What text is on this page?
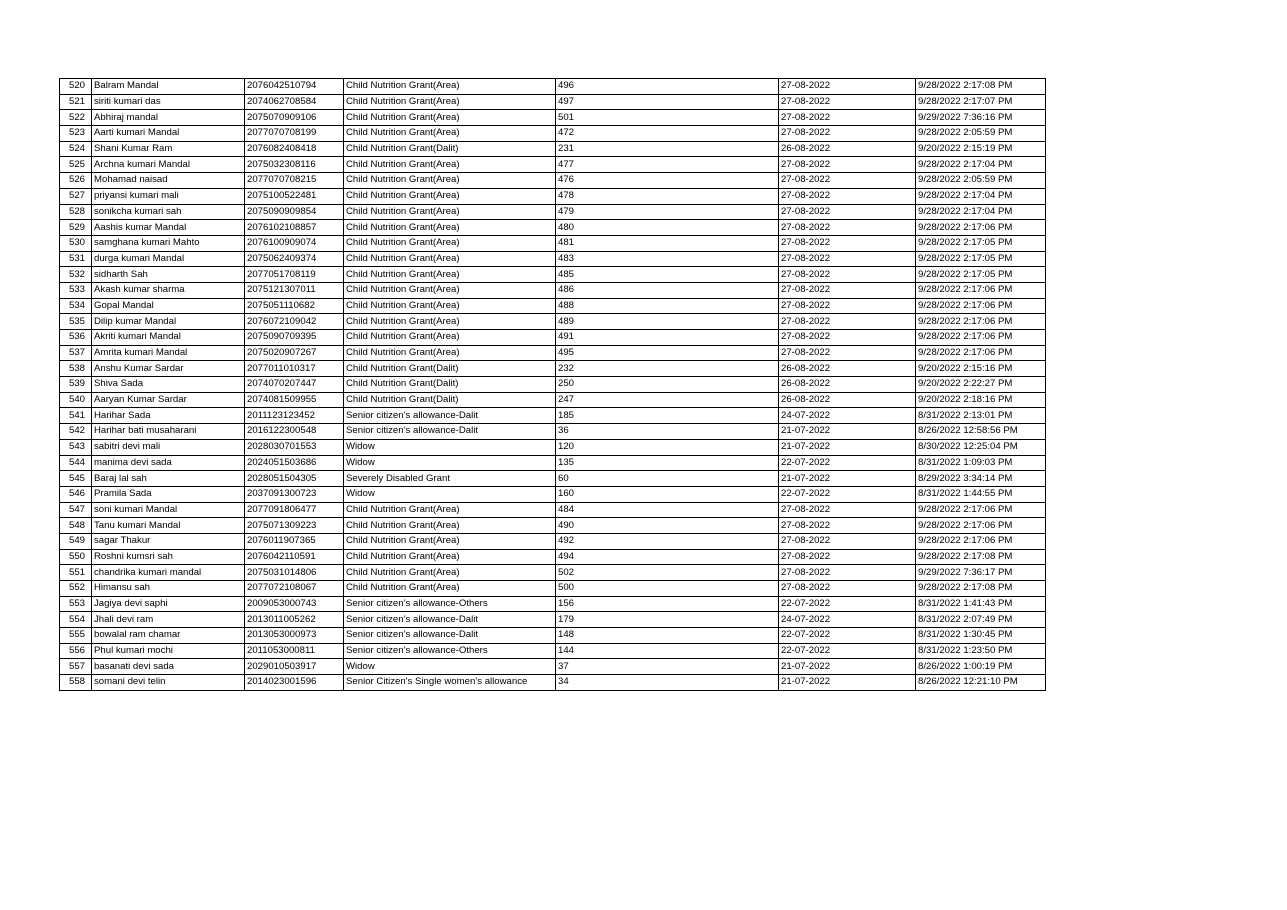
520	Balram Mandal	2076042510794	Child Nutrition Grant(Area)	496	27-08-2022	9/28/2022 2:17:08 PM
521	siriti kumari das	2074062708584	Child Nutrition Grant(Area)	497	27-08-2022	9/28/2022 2:17:07 PM
522	Abhiraj mandal	2075070909106	Child Nutrition Grant(Area)	501	27-08-2022	9/29/2022 7:36:16 PM
523	Aarti kumari Mandal	2077070708199	Child Nutrition Grant(Area)	472	27-08-2022	9/28/2022 2:05:59 PM
524	Shani Kumar Ram	2076082408418	Child Nutrition Grant(Dalit)	231	26-08-2022	9/20/2022 2:15:19 PM
525	Archna kumari Mandal	2075032308116	Child Nutrition Grant(Area)	477	27-08-2022	9/28/2022 2:17:04 PM
526	Mohamad naisad	2077070708215	Child Nutrition Grant(Area)	476	27-08-2022	9/28/2022 2:05:59 PM
527	priyansi kumari mali	2075100522481	Child Nutrition Grant(Area)	478	27-08-2022	9/28/2022 2:17:04 PM
528	sonikcha kumari sah	2075090909854	Child Nutrition Grant(Area)	479	27-08-2022	9/28/2022 2:17:04 PM
529	Aashis kumar Mandal	2076102108857	Child Nutrition Grant(Area)	480	27-08-2022	9/28/2022 2:17:06 PM
530	samghana kumari Mahto	2076100909074	Child Nutrition Grant(Area)	481	27-08-2022	9/28/2022 2:17:05 PM
531	durga kumari Mandal	2075062409374	Child Nutrition Grant(Area)	483	27-08-2022	9/28/2022 2:17:05 PM
532	sidharth Sah	2077051708119	Child Nutrition Grant(Area)	485	27-08-2022	9/28/2022 2:17:05 PM
533	Akash kumar sharma	2075121307011	Child Nutrition Grant(Area)	486	27-08-2022	9/28/2022 2:17:06 PM
534	Gopal Mandal	2075051110682	Child Nutrition Grant(Area)	488	27-08-2022	9/28/2022 2:17:06 PM
535	Dilip kumar Mandal	2076072109042	Child Nutrition Grant(Area)	489	27-08-2022	9/28/2022 2:17:06 PM
536	Akriti kumari Mandal	2075090709395	Child Nutrition Grant(Area)	491	27-08-2022	9/28/2022 2:17:06 PM
537	Amrita kumari Mandal	2075020907267	Child Nutrition Grant(Area)	495	27-08-2022	9/28/2022 2:17:06 PM
538	Anshu Kumar Sardar	2077011010317	Child Nutrition Grant(Dalit)	232	26-08-2022	9/20/2022 2:15:16 PM
539	Shiva Sada	2074070207447	Child Nutrition Grant(Dalit)	250	26-08-2022	9/20/2022 2:22:27 PM
540	Aaryan Kumar Sardar	2074081509955	Child Nutrition Grant(Dalit)	247	26-08-2022	9/20/2022 2:18:16 PM
541	Harihar Sada	2011123123452	Senior citizen’s allowance-Dalit	185	24-07-2022	8/31/2022 2:13:01 PM
542	Harihar bati musaharani	2016122300548	Senior citizen’s allowance-Dalit	36	21-07-2022	8/26/2022 12:58:56 PM
543	sabitri devi mali	2028030701553	Widow	120	21-07-2022	8/30/2022 12:25:04 PM
544	manima devi sada	2024051503686	Widow	135	22-07-2022	8/31/2022 1:09:03 PM
545	Baraj lal sah	2028051504305	Severely Disabled Grant	60	21-07-2022	8/29/2022 3:34:14 PM
546	Pramila Sada	2037091300723	Widow	160	22-07-2022	8/31/2022 1:44:55 PM
547	soni kumari Mandal	2077091806477	Child Nutrition Grant(Area)	484	27-08-2022	9/28/2022 2:17:06 PM
548	Tanu kumari Mandal	2075071309223	Child Nutrition Grant(Area)	490	27-08-2022	9/28/2022 2:17:06 PM
549	sagar Thakur	2076011907365	Child Nutrition Grant(Area)	492	27-08-2022	9/28/2022 2:17:06 PM
550	Roshni kumsri sah	2076042110591	Child Nutrition Grant(Area)	494	27-08-2022	9/28/2022 2:17:08 PM
551	chandrika kumari mandal	2075031014806	Child Nutrition Grant(Area)	502	27-08-2022	9/29/2022 7:36:17 PM
552	Himansu sah	2077072108067	Child Nutrition Grant(Area)	500	27-08-2022	9/28/2022 2:17:08 PM
553	Jagiya devi saphi	2009053000743	Senior citizen’s allowance-Others	156	22-07-2022	8/31/2022 1:41:43 PM
554	Jhali devi ram	2013011005262	Senior citizen’s allowance-Dalit	179	24-07-2022	8/31/2022 2:07:49 PM
555	bowalal ram chamar	2013053000973	Senior citizen’s allowance-Dalit	148	22-07-2022	8/31/2022 1:30:45 PM
556	Phul kumari mochi	2011053000811	Senior citizen’s allowance-Others	144	22-07-2022	8/31/2022 1:23:50 PM
557	basanati devi sada	2029010503917	Widow	37	21-07-2022	8/26/2022 1:00:19 PM
558	somani devi telin	2014023001596	Senior Citizen's Single women’s allowance	34	21-07-2022	8/26/2022 12:21:10 PM
